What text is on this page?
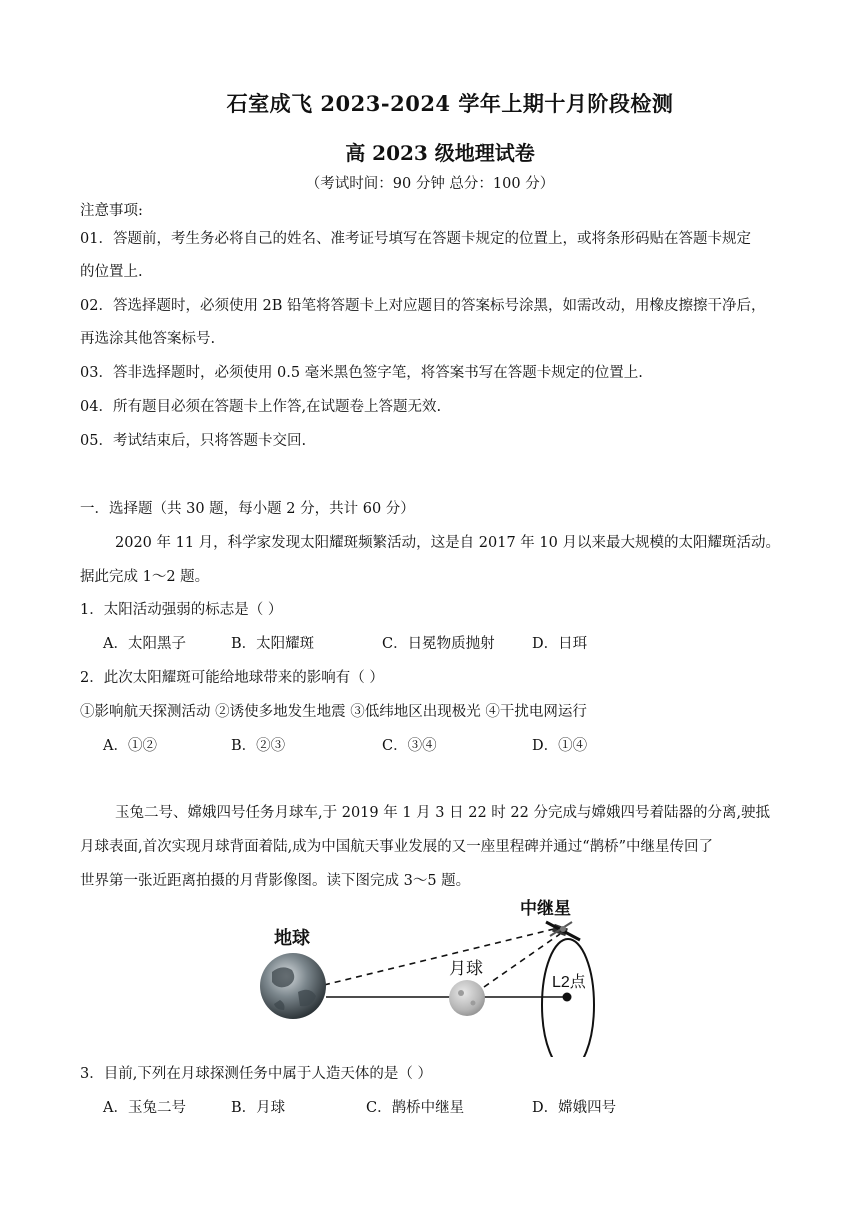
石室成飞 2023-2024 学年上期十月阶段检测
高 2023 级地理试卷
（考试时间：90 分钟 总分：100 分）
注意事项:
01．答题前，考生务必将自己的姓名、准考证号填写在答题卡规定的位置上，或将条形码贴在答题卡规定
的位置上.
02．答选择题时，必须使用 2B 铅笔将答题卡上对应题目的答案标号涂黑，如需改动，用橡皮擦擦干净后，
再选涂其他答案标号.
03．答非选择题时，必须使用 0.5 毫米黑色签字笔，将答案书写在答题卡规定的位置上.
04．所有题目必须在答题卡上作答,在试题卷上答题无效.
05．考试结束后，只将答题卡交回.
一．选择题（共 30 题，每小题 2 分，共计 60 分）
2020 年 11 月，科学家发现太阳耀斑频繁活动，这是自 2017 年 10 月以来最大规模的太阳耀斑活动。
据此完成 1～2 题。
1．太阳活动强弱的标志是（ ）
A．太阳黑子	B．太阳耀斑	C．日冕物质抛射	D．日珥
2．此次太阳耀斑可能给地球带来的影响有（ ）
①影响航天探测活动 ②诱使多地发生地震 ③低纬地区出现极光 ④干扰电网运行
A．①②	B．②③	C．③④	D．①④
玉兔二号、嫦娥四号任务月球车,于 2019 年 1 月 3 日 22 时 22 分完成与嫦娥四号着陆器的分离,驶抵
月球表面,首次实现月球背面着陆,成为中国航天事业发展的又一座里程碑并通过“鹊桥”中继星传回了
世界第一张近距离拍摄的月背影像图。读下图完成 3～5 题。
地球
月球
中继星
L2点
3．目前,下列在月球探测任务中属于人造天体的是（ ）
A．玉兔二号	B．月球	C．鹊桥中继星	D．嫦娥四号
